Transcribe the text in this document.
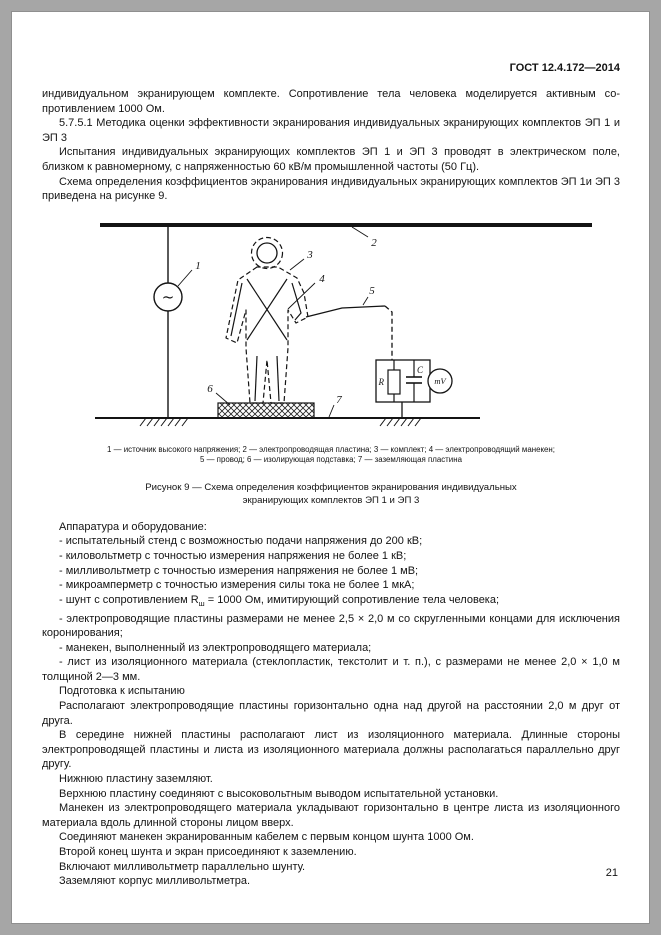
ГОСТ 12.4.172—2014

индивидуальном экранирующем комплекте. Сопротивление тела человека моделируется активным сопротивлением 1000 Ом.

5.7.5.1 Методика оценки эффективности экранирования индивидуальных экранирующих комплектов ЭП 1 и ЭП 3

Испытания индивидуальных экранирующих комплектов ЭП 1 и ЭП 3 проводят в электрическом поле, близком к равномерному, с напряженностью 60 кВ/м промышленной частоты (50 Гц).

Схема определения коэффициентов экранирования индивидуальных экранирующих комплектов ЭП 1и ЭП 3 приведена на рисунке 9.

~
R
C
mV
1
2
3
4
5
6
7
1 — источник высокого напряжения; 2 — электропроводящая пластина; 3 — комплект; 4 — электропроводящий манекен;
5 — провод; 6 — изолирующая подставка; 7 — заземляющая пластина
Рисунок 9 — Схема определения коэффициентов экранирования индивидуальных экранирующих комплектов ЭП 1 и ЭП 3

Аппаратура и оборудование:

- испытательный стенд с возможностью подачи напряжения до 200 кВ;

- киловольтметр с точностью измерения напряжения не более 1 кВ;

- милливольтметр с точностью измерения напряжения не более 1 мВ;

- микроамперметр с точностью измерения силы тока не более 1 мкА;

- шунт с сопротивлением $R_ш = 1000$ Ом, имитирующий сопротивление тела человека;

- электропроводящие пластины размерами не менее 2,5 × 2,0 м со скругленными концами для исключения коронирования;

- манекен, выполненный из электропроводящего материала;

- лист из изоляционного материала (стеклопластик, текстолит и т. п.), с размерами не менее 2,0 × 1,0 м толщиной 2—3 мм.

Подготовка к испытанию

Располагают электропроводящие пластины горизонтально одна над другой на расстоянии 2,0 м друг от друга.

В середине нижней пластины располагают лист из изоляционного материала. Длинные стороны электропроводящей пластины и листа из изоляционного материала должны располагаться параллельно друг другу.

Нижнюю пластину заземляют.

Верхнюю пластину соединяют с высоковольтным выводом испытательной установки.

Манекен из электропроводящего материала укладывают горизонтально в центре листа из изоляционного материала вдоль длинной стороны лицом вверх.

Соединяют манекен экранированным кабелем с первым концом шунта 1000 Ом.

Второй конец шунта и экран присоединяют к заземлению.

Включают милливольтметр параллельно шунту.

Заземляют корпус милливольтметра.

21
